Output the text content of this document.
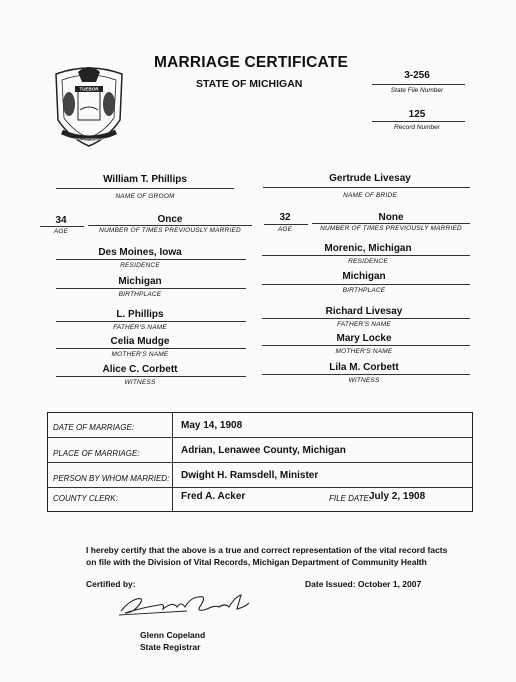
TUEBOR
SI QUAERIS PENINSULAM AMOENAM CIRCUMSPICE
MARRIAGE CERTIFICATE
STATE OF MICHIGAN
3-256
State File Number
125
Record Number
William T. Phillips
NAME OF GROOM
Gertrude Livesay
NAME OF BRIDE
34
AGE
Once
NUMBER OF TIMES PREVIOUSLY MARRIED
32
AGE
None
NUMBER OF TIMES PREVIOUSLY MARRIED
Des Moines, Iowa
RESIDENCE
Morenic, Michigan
RESIDENCE
Michigan
BIRTHPLACE
Michigan
BIRTHPLACE
L. Phillips
FATHER'S NAME
Richard Livesay
FATHER'S NAME
Celia Mudge
MOTHER'S NAME
Mary Locke
MOTHER'S NAME
Alice C. Corbett
WITNESS
Lila M. Corbett
WITNESS
DATE OF MARRIAGE:	May 14, 1908
PLACE OF MARRIAGE:	Adrian, Lenawee County, Michigan
PERSON BY WHOM MARRIED: Dwight H. Ramsdell, Minister
COUNTY CLERK:	Fred A. Acker	FILE DATE:
July 2, 1908
I hereby certify that the above is a true and correct representation of the vital record facts
on file with the Division of Vital Records, Michigan Department of Community Health
Certified by:	Date Issued: October 1, 2007
Glenn Copeland
Glenn Copeland
State Registrar
